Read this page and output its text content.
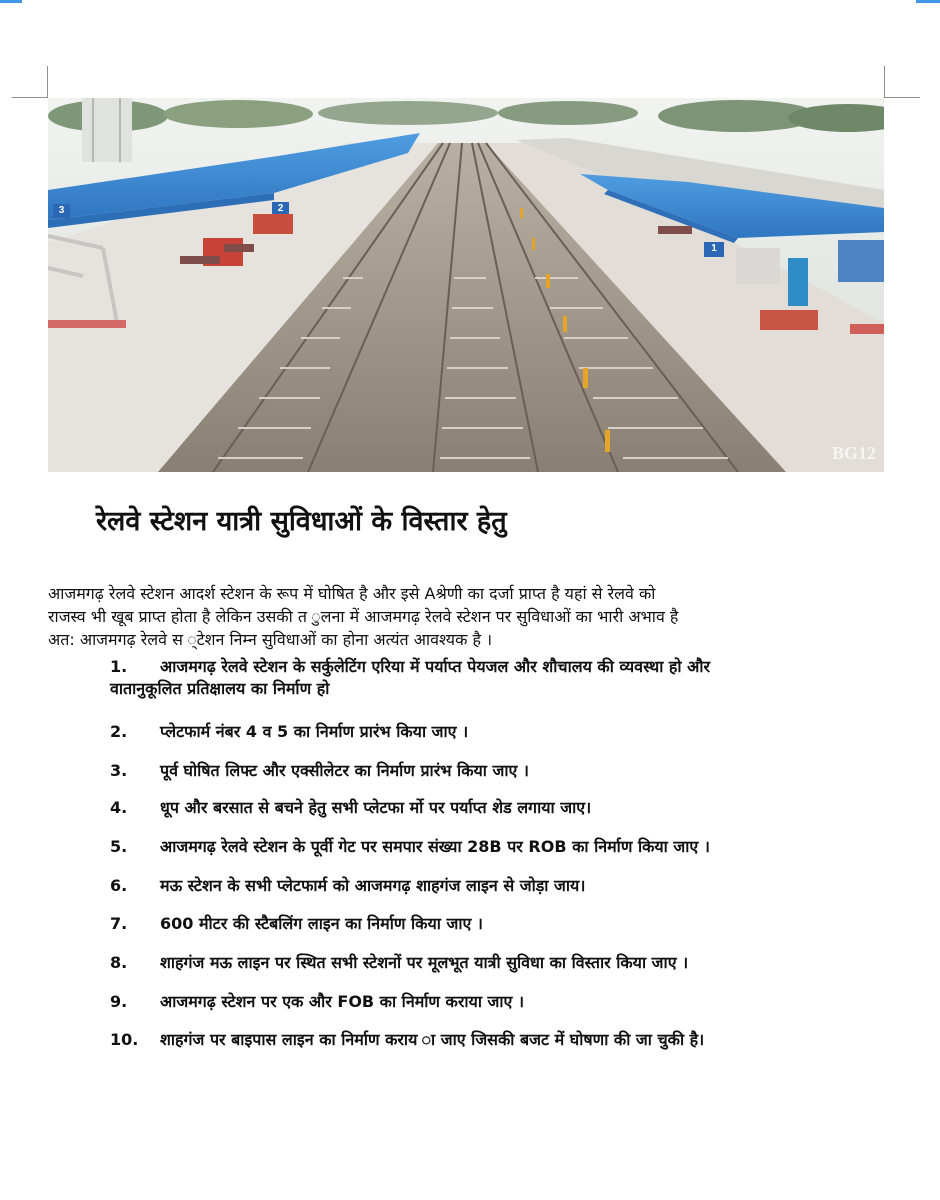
3	2
1
BG12
रेलवे स्टेशन यात्री सुविधाओं के विस्तार हेतु
आजमगढ़ रेलवे स्टेशन आदर्श स्टेशन के रूप में घोषित है और इसे Aश्रेणी का दर्जा प्राप्त है यहां से रेलवे को
राजस्व भी खूब प्राप्त होता है लेकिन उसकी त ुलना में आजमगढ़ रेलवे स्टेशन पर सुविधाओं का भारी अभाव है
अत: आजमगढ़ रेलवे स ्टेशन निम्न सुविधाओं का होना अत्यंत आवश्यक है ।
1.	आजमगढ़ रेलवे स्टेशन के सर्कुलेटिंग एरिया में पर्याप्त पेयजल और शौचालय की व्यवस्था हो और
वातानुकूलित प्रतिक्षालय का निर्माण हो
2.	प्लेटफार्म नंबर 4 व 5 का निर्माण प्रारंभ किया जाए ।
3.	पूर्व घोषित लिफ्ट और एक्सीलेटर का निर्माण प्रारंभ किया जाए ।
4.	धूप और बरसात से बचने हेतु सभी प्लेटफा र्मो पर पर्याप्त शेड लगाया जाए।
5.	आजमगढ़ रेलवे स्टेशन के पूर्वी गेट पर समपार संख्या 28B पर ROB का निर्माण किया जाए ।
6.	मऊ स्टेशन के सभी प्लेटफार्म को आजमगढ़ शाहगंज लाइन से जोड़ा जाय।
7.	600 मीटर की स्टैबलिंग लाइन का निर्माण किया जाए ।
8.	शाहगंज मऊ लाइन पर स्थित सभी स्टेशनों पर मूलभूत यात्री सुविधा का विस्तार किया जाए ।
9.	आजमगढ़ स्टेशन पर एक और FOB का निर्माण कराया जाए ।
10.	शाहगंज पर बाइपास लाइन का निर्माण कराय ा जाए जिसकी बजट में घोषणा की जा चुकी है।
